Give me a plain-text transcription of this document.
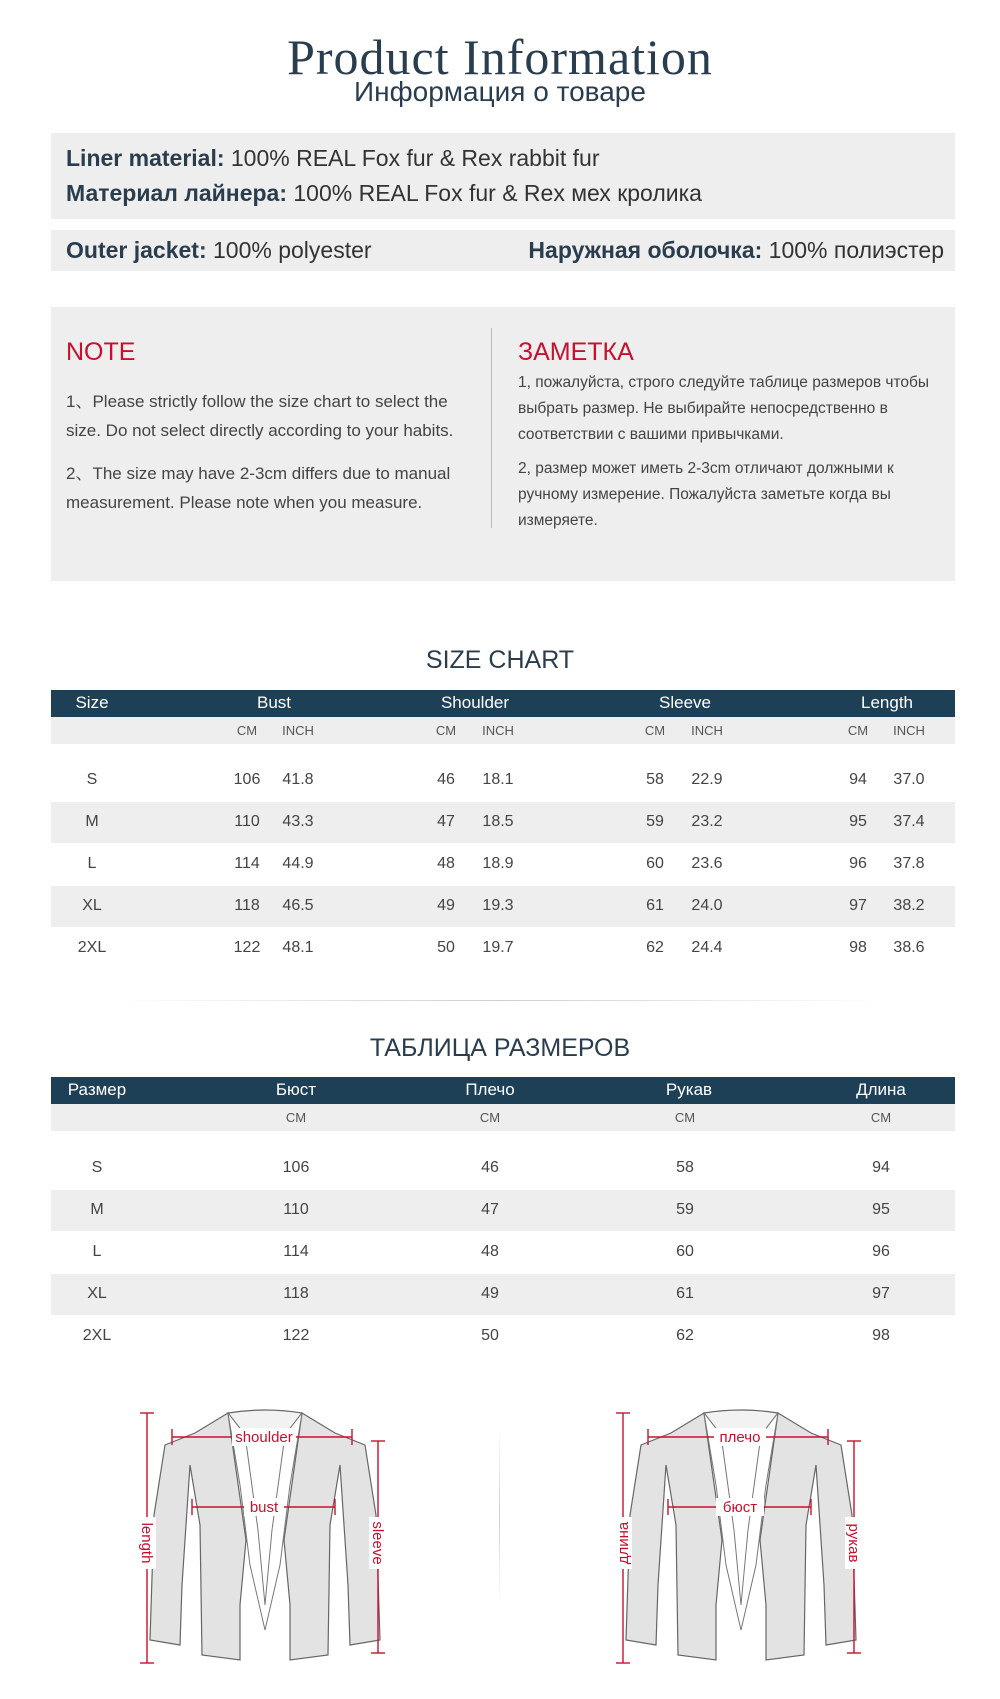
Product Information
Информация о товаре
Liner material: 100% REAL Fox fur & Rex rabbit fur
Материал лайнера: 100% REAL Fox fur & Rex мех кролика
Outer jacket: 100% polyester	Наружная оболочка: 100% полиэстер
NOTE

1、Please strictly follow the size chart to select the size. Do not select directly according to your habits.

2、The size may have 2-3cm differs due to manual measurement. Please note when you measure.

ЗАМЕТКА

1, пожалуйста, строго следуйте таблице размеров чтобы выбрать размер. Не выбирайте непосредственно в соответствии с вашими привычками.

2, размер может иметь 2-3cm отличают должными к ручному измерение. Пожалуйста заметьте когда вы измеряете.

SIZE CHART
Size	Bust	Shoulder	Sleeve	Length
CM INCH	CM INCH	CM INCH	CM INCH
S	106 41.8	46 18.1	58 22.9	94 37.0
M	110 43.3	47 18.5	59 23.2	95 37.4
L	114 44.9	48 18.9	60 23.6	96 37.8
XL	118 46.5	49 19.3	61 24.0	97 38.2
2XL	122 48.1	50 19.7	62 24.4	98 38.6
ТАБЛИЦА РАЗМЕРОВ
Размер	Бюст	Плечо	Рукав	Длина
CM	CM	CM	CM
S	106	46	58	94
M	110	47	59	95
L	114	48	60	96
XL	118	49	61	97
2XL	122	50	62	98
shoulder
bust
length	sleeve
плечо
бюст
длина	рукав
